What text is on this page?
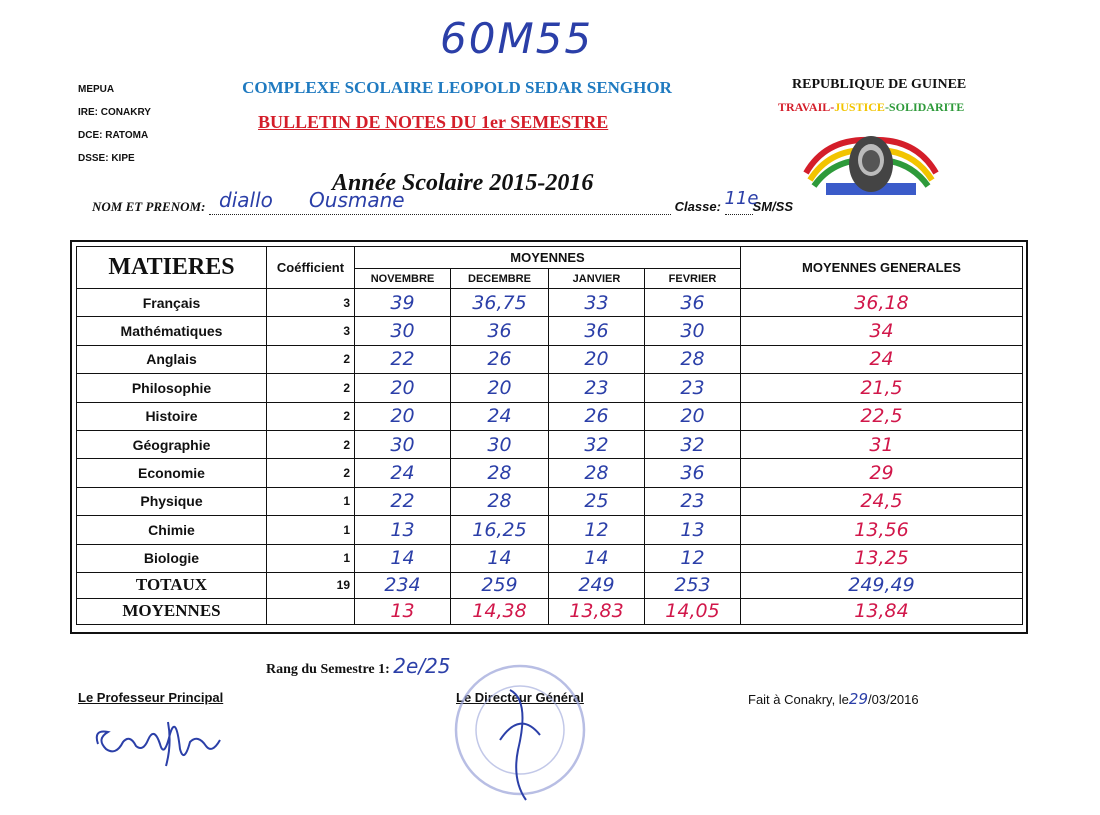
60M55
MEPUA
IRE: CONAKRY
DCE: RATOMA
DSSE: KIPE
COMPLEXE SCOLAIRE LEOPOLD SEDAR SENGHOR
BULLETIN DE NOTES DU 1er SEMESTRE
REPUBLIQUE DE GUINEE
TRAVAIL-JUSTICE-SOLIDARITE
Année Scolaire 2015-2016
NOM ET PRENOM: diallo Ousmane	Classe: 11e
SM/SS
MATIERES	Coéfficient	MOYENNES				MOYENNES GENERALES
		NOVEMBRE	DECEMBRE	JANVIER	FEVRIER	
Français	3	39	36,75	33	36	36,18
Mathématiques	3	30	36	36	30	34
Anglais	2	22	26	20	28	24
Philosophie	2	20	20	23	23	21,5
Histoire	2	20	24	26	20	22,5
Géographie	2	30	30	32	32	31
Economie	2	24	28	28	36	29
Physique	1	22	28	25	23	24,5
Chimie	1	13	16,25	12	13	13,56
Biologie	1	14	14	14	12	13,25
TOTAUX	19	234	259	249	253	249,49
MOYENNES		13	14,38	13,83	14,05	13,84
Rang du Semestre 1: 2e/25
Le Professeur Principal	Le Directeur Général	Fait à Conakry, le29/03/2016
